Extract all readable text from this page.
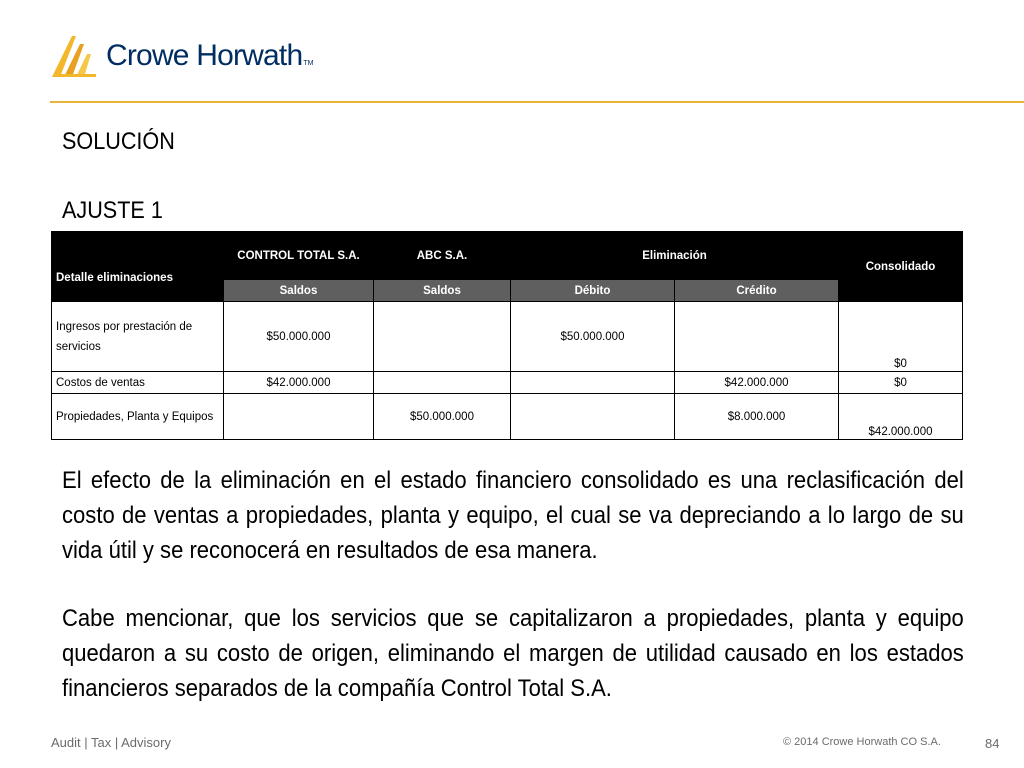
Crowe Horwath TM
SOLUCIÓN
AJUSTE 1
Detalle eliminaciones	CONTROL TOTAL S.A.	ABC S.A.	Eliminación		Consolidado
	Saldos	Saldos	Débito	Crédito	
Ingresos por prestación de servicios	$50.000.000		$50.000.000		$0
Costos de ventas	$42.000.000			$42.000.000	$0
Propiedades, Planta y Equipos		$50.000.000		$8.000.000	$42.000.000
El efecto de la eliminación en el estado financiero consolidado es una reclasificación del costo de ventas a propiedades, planta y equipo, el cual se va depreciando a lo largo de su vida útil y se reconocerá en resultados de esa manera.
Cabe mencionar, que los servicios que se capitalizaron a propiedades, planta y equipo quedaron a su costo de origen, eliminando el margen de utilidad causado en los estados financieros separados de la compañía Control Total S.A.
Audit | Tax | Advisory	© 2014 Crowe Horwath CO S.A.	84
